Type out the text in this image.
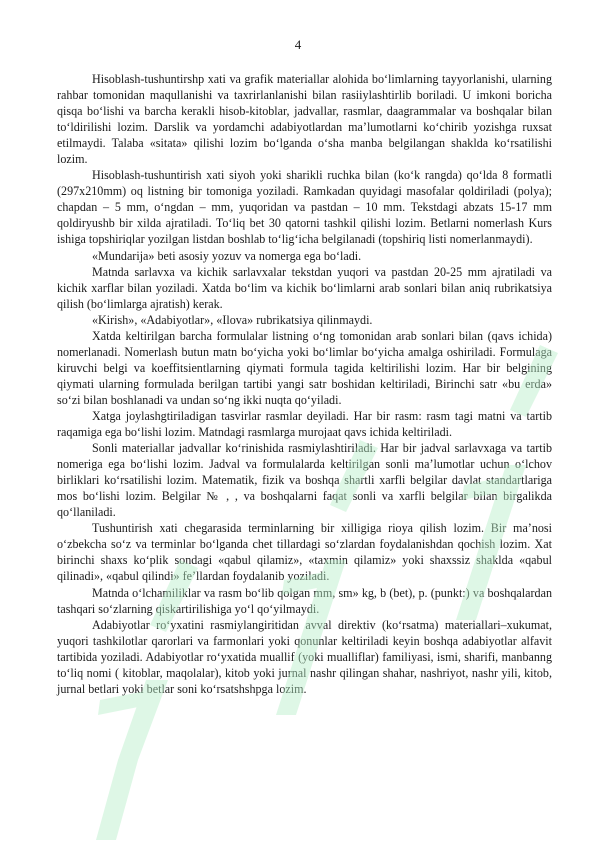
4

Hisoblash-tushuntirshp xati va grafik materiallar alohida bo‘limlarning tayyorlanishi, ularning rahbar tomonidan maqullanishi va taxrirlanlanishi bilan rasiiylashtirlib boriladi. U imkoni boricha qisqa bo‘lishi va barcha kerakli hisob-kitoblar, jadvallar, rasmlar, daagrammalar va boshqalar bilan to‘ldirilishi lozim. Darslik va yordamchi adabiyotlardan ma’lumotlarni ko‘chirib yozishga ruxsat etilmaydi. Talaba «sitata» qilishi lozim bo‘lganda o‘sha manba belgilangan shaklda ko‘rsatilishi lozim.

Hisoblash-tushuntirish xati siyoh yoki sharikli ruchka bilan (ko‘k rangda) qo‘lda 8 formatli (297x210mm) oq listning bir tomoniga yoziladi. Ramkadan quyidagi masofalar qoldiriladi (polya); chapdan – 5 mm, o‘ngdan – mm, yuqoridan va pastdan – 10 mm. Tekstdagi abzats 15-17 mm qoldiryushb bir xilda ajratiladi. To‘liq bet 30 qatorni tashkil qilishi lozim. Betlarni nomerlash Kurs ishiga topshiriqlar yozilgan listdan boshlab to‘lig‘icha belgilanadi (topshiriq listi nomerlanmaydi).

«Mundarija» beti asosiy yozuv va nomerga ega bo‘ladi.

Matnda sarlavxa va kichik sarlavxalar tekstdan yuqori va pastdan 20-25 mm ajratiladi va kichik xarflar bilan yoziladi. Xatda bo‘lim va kichik bo‘limlarni arab sonlari bilan aniq rubrikatsiya qilish (bo‘limlarga ajratish) kerak.

«Kirish», «Adabiyotlar», «Ilova» rubrikatsiya qilinmaydi.

Xatda keltirilgan barcha formulalar listning o‘ng tomonidan arab sonlari bilan (qavs ichida) nomerlanadi. Nomerlash butun matn bo‘yicha yoki bo‘limlar bo‘yicha amalga oshiriladi. Formulaga kiruvchi belgi va koeffitsientlarning qiymati formula tagida keltirilishi lozim. Har bir belgining qiymati ularning formulada berilgan tartibi yangi satr boshidan keltiriladi, Birinchi satr «bu erda» so‘zi bilan boshlanadi va undan so‘ng ikki nuqta qo‘yiladi.

Xatga joylashgtiriladigan tasvirlar rasmlar deyiladi. Har bir rasm: rasm tagi matni va tartib raqamiga ega bo‘lishi lozim. Matndagi rasmlarga murojaat qavs ichida keltiriladi.

Sonli materiallar jadvallar ko‘rinishida rasmiylashtiriladi. Har bir jadval sarlavxaga va tartib nomeriga ega bo‘lishi lozim. Jadval va formulalarda keltirilgan sonli ma’lumotlar uchun o‘lchov birliklari ko‘rsatilishi lozim. Matematik, fizik va boshqa shartli xarfli belgilar davlat standartlariga mos bo‘lishi lozim. Belgilar № , , va boshqalarni faqat sonli va xarfli belgilar bilan birgalikda qo‘llaniladi.

Tushuntirish xati chegarasida terminlarning bir xilligiga rioya qilish lozim. Bir ma’nosi o‘zbekcha so‘z va terminlar bo‘lganda chet tillardagi so‘zlardan foydalanishdan qochish lozim. Xat birinchi shaxs ko‘plik sondagi «qabul qilamiz», «taxmin qilamiz» yoki shaxssiz shaklda «qabul qilinadi», «qabul qilindi» fe’llardan foydalanib yoziladi.

Matnda o‘lchamiliklar va rasm bo‘lib qolgan mm, sm» kg, b (bet), p. (punkt:) va boshqalardan tashqari so‘zlarning qiskartirilishiga yo‘l qo‘yilmaydi.

Adabiyotlar ro‘yxatini rasmiylangiritidan avval direktiv (ko‘rsatma) materiallari–xukumat, yuqori tashkilotlar qarorlari va farmonlari yoki qonunlar keltiriladi keyin boshqa adabiyotlar alfavit tartibida yoziladi. Adabiyotlar ro‘yxatida muallif (yoki mualliflar) familiyasi, ismi, sharifi, manbanng to‘liq nomi ( kitoblar, maqolalar), kitob yoki jurnal nashr qilingan shahar, nashriyot, nashr yili, kitob, jurnal betlari yoki betlar soni ko‘rsatshshpga lozim.
